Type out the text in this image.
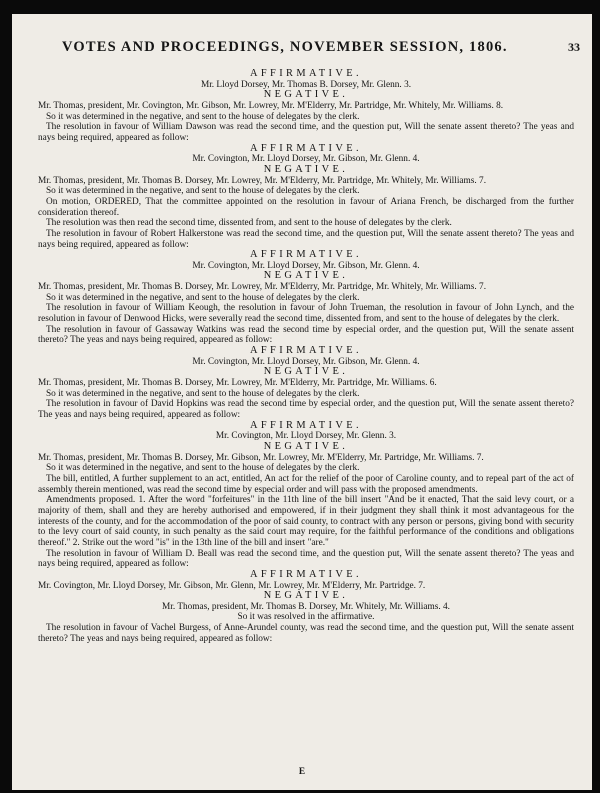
VOTES AND PROCEEDINGS, NOVEMBER SESSION, 1806.	33

AFFIRMATIVE.

Mr. Lloyd Dorsey, Mr. Thomas B. Dorsey, Mr. Glenn. 3.

NEGATIVE.

Mr. Thomas, president, Mr. Covington, Mr. Gibson, Mr. Lowrey, Mr. M'Elderry, Mr. Partridge, Mr. Whitely, Mr. Williams. 8.

So it was determined in the negative, and sent to the house of delegates by the clerk.

The resolution in favour of William Dawson was read the second time, and the question put, Will the senate assent thereto? The yeas and nays being required, appeared as follow:

AFFIRMATIVE.

Mr. Covington, Mr. Lloyd Dorsey, Mr. Gibson, Mr. Glenn. 4.

NEGATIVE.

Mr. Thomas, president, Mr. Thomas B. Dorsey, Mr. Lowrey, Mr. M'Elderry, Mr. Partridge, Mr. Whitely, Mr. Williams. 7.

So it was determined in the negative, and sent to the house of delegates by the clerk.

On motion, ORDERED, That the committee appointed on the resolution in favour of Ariana French, be discharged from the further consideration thereof.

The resolution was then read the second time, dissented from, and sent to the house of delegates by the clerk.

The resolution in favour of Robert Halkerstone was read the second time, and the question put, Will the senate assent thereto? The yeas and nays being required, appeared as follow:

AFFIRMATIVE.

Mr. Covington, Mr. Lloyd Dorsey, Mr. Gibson, Mr. Glenn. 4.

NEGATIVE.

Mr. Thomas, president, Mr. Thomas B. Dorsey, Mr. Lowrey, Mr. M'Elderry, Mr. Partridge, Mr. Whitely, Mr. Williams. 7.

So it was determined in the negative, and sent to the house of delegates by the clerk.

The resolution in favour of William Keough, the resolution in favour of John Trueman, the resolution in favour of John Lynch, and the resolution in favour of Denwood Hicks, were severally read the second time, dissented from, and sent to the house of delegates by the clerk.

The resolution in favour of Gassaway Watkins was read the second time by especial order, and the question put, Will the senate assent thereto? The yeas and nays being required, appeared as follow:

AFFIRMATIVE.

Mr. Covington, Mr. Lloyd Dorsey, Mr. Gibson, Mr. Glenn. 4.

NEGATIVE.

Mr. Thomas, president, Mr. Thomas B. Dorsey, Mr. Lowrey, Mr. M'Elderry, Mr. Partridge, Mr. Williams. 6.

So it was determined in the negative, and sent to the house of delegates by the clerk.

The resolution in favour of David Hopkins was read the second time by especial order, and the question put, Will the senate assent thereto? The yeas and nays being required, appeared as follow:

AFFIRMATIVE.

Mr. Covington, Mr. Lloyd Dorsey, Mr. Glenn. 3.

NEGATIVE.

Mr. Thomas, president, Mr. Thomas B. Dorsey, Mr. Gibson, Mr. Lowrey, Mr. M'Elderry, Mr. Partridge, Mr. Williams. 7.

So it was determined in the negative, and sent to the house of delegates by the clerk.

The bill, entitled, A further supplement to an act, entitled, An act for the relief of the poor of Caroline county, and to repeal part of the act of assembly therein mentioned, was read the second time by especial order and will pass with the proposed amendments.

Amendments proposed. 1. After the word "forfeitures" in the 11th line of the bill insert "And be it enacted, That the said levy court, or a majority of them, shall and they are hereby authorised and empowered, if in their judgment they shall think it most advantageous for the interests of the county, and for the accommodation of the poor of said county, to contract with any person or persons, giving bond with security to the levy court of said county, in such penalty as the said court may require, for the faithful performance of the conditions and obligations thereof." 2. Strike out the word "is" in the 13th line of the bill and insert "are."

The resolution in favour of William D. Beall was read the second time, and the question put, Will the senate assent thereto? The yeas and nays being required, appeared as follow:

AFFIRMATIVE.

Mr. Covington, Mr. Lloyd Dorsey, Mr. Gibson, Mr. Glenn, Mr. Lowrey, Mr. M'Elderry, Mr. Partridge. 7.

NEGATIVE.

Mr. Thomas, president, Mr. Thomas B. Dorsey, Mr. Whitely, Mr. Williams. 4.

So it was resolved in the affirmative.

The resolution in favour of Vachel Burgess, of Anne-Arundel county, was read the second time, and the question put, Will the senate assent thereto? The yeas and nays being required, appeared as follow:

E
